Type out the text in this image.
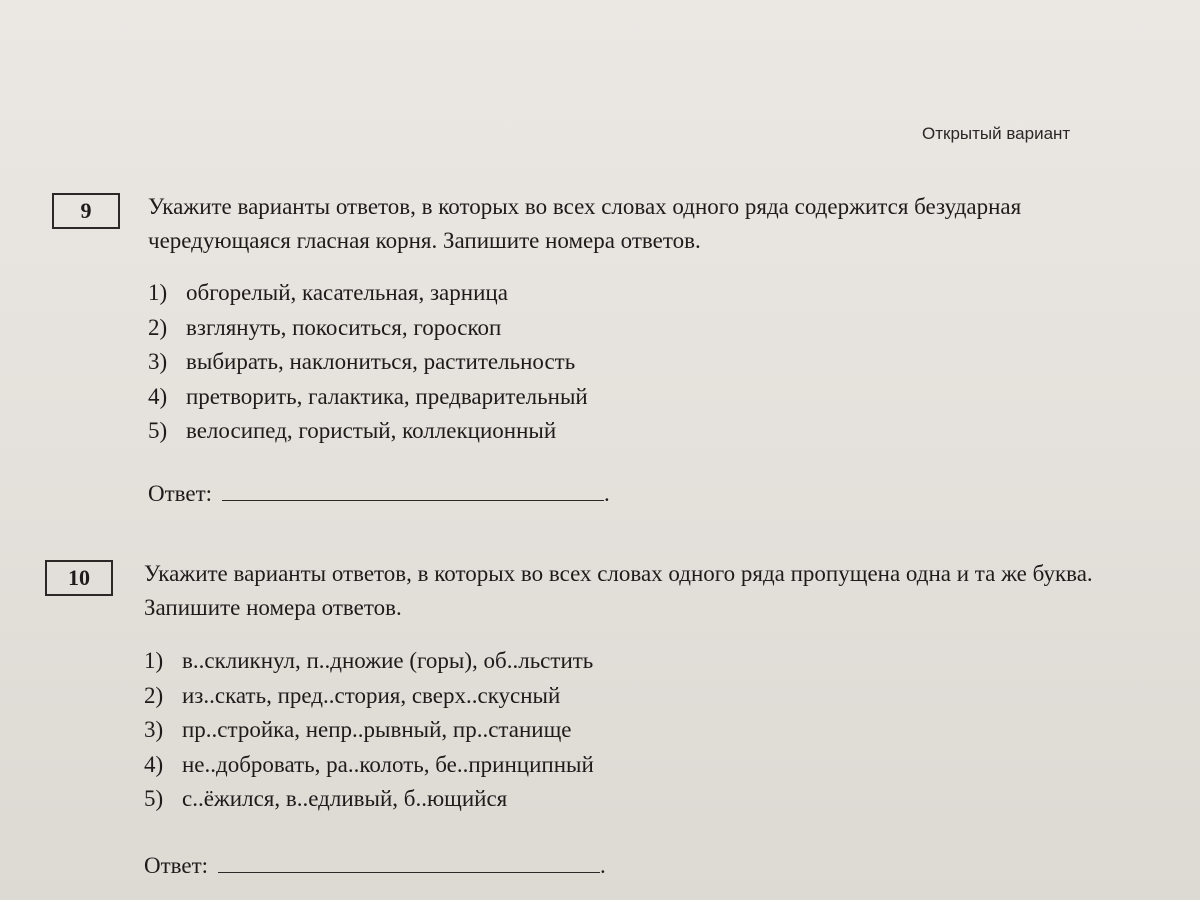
Открытый вариант
9	Укажите варианты ответов, в которых во всех словах одного ряда содержится безударная чередующаяся гласная корня. Запишите номера ответов.
1) обгорелый, касательная, зарница
2) взглянуть, покоситься, гороскоп
3) выбирать, наклониться, растительность
4) претворить, галактика, предварительный
5) велосипед, гористый, коллекционный
Ответ:	.
10	Укажите варианты ответов, в которых во всех словах одного ряда пропущена одна и та же буква. Запишите номера ответов.
1) в..скликнул, п..дножие (горы), об..льстить
2) из..скать, пред..стория, сверх..скусный
3) пр..стройка, непр..рывный, пр..станище
4) не..добровать, ра..колоть, бе..принципный
5) с..ёжился, в..едливый, б..ющийся
Ответ:	.
